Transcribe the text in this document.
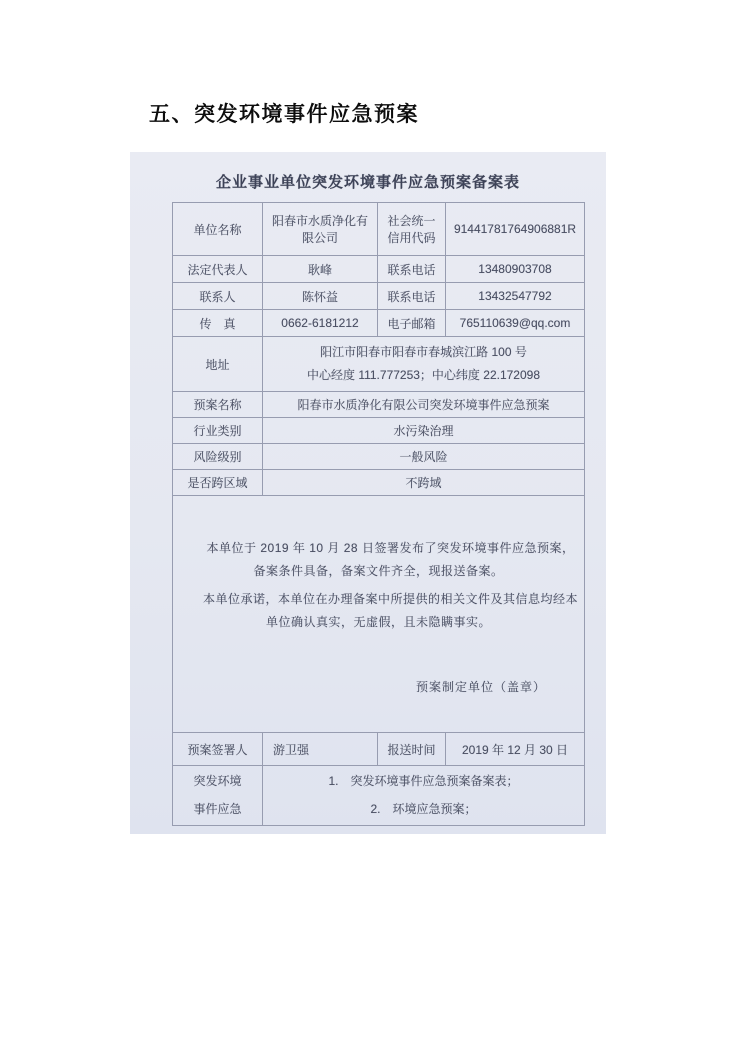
五、突发环境事件应急预案
企业事业单位突发环境事件应急预案备案表
单位名称	阳春市水质净化有限公司	社会统一信用代码	91441781764906881R
法定代表人	耿峰	联系电话	13480903708
联系人	陈怀益	联系电话	13432547792
传　真	0662-6181212	电子邮箱	765110639@qq.com
地址	阳江市阳春市阳春市春城滨江路 100 号
中心经度 111.777253；中心纬度 22.172098		

预案名称	阳春市水质净化有限公司突发环境事件应急预案		
行业类别	水污染治理		
风险级别	一般风险		
是否跨区域	不跨域		

本单位于 2019 年 10 月 28 日签署发布了突发环境事件应急预案，备案条件具备，备案文件齐全，现报送备案。

本单位承诺，本单位在办理备案中所提供的相关文件及其信息均经本单位确认真实，无虚假，且未隐瞒事实。

预案制定单位（盖章）			

预案签署人	游卫强	报送时间	2019 年 12 月 30 日

突发环境
事件应急	1.　突发环境事件应急预案备案表；
2.　环境应急预案；		
